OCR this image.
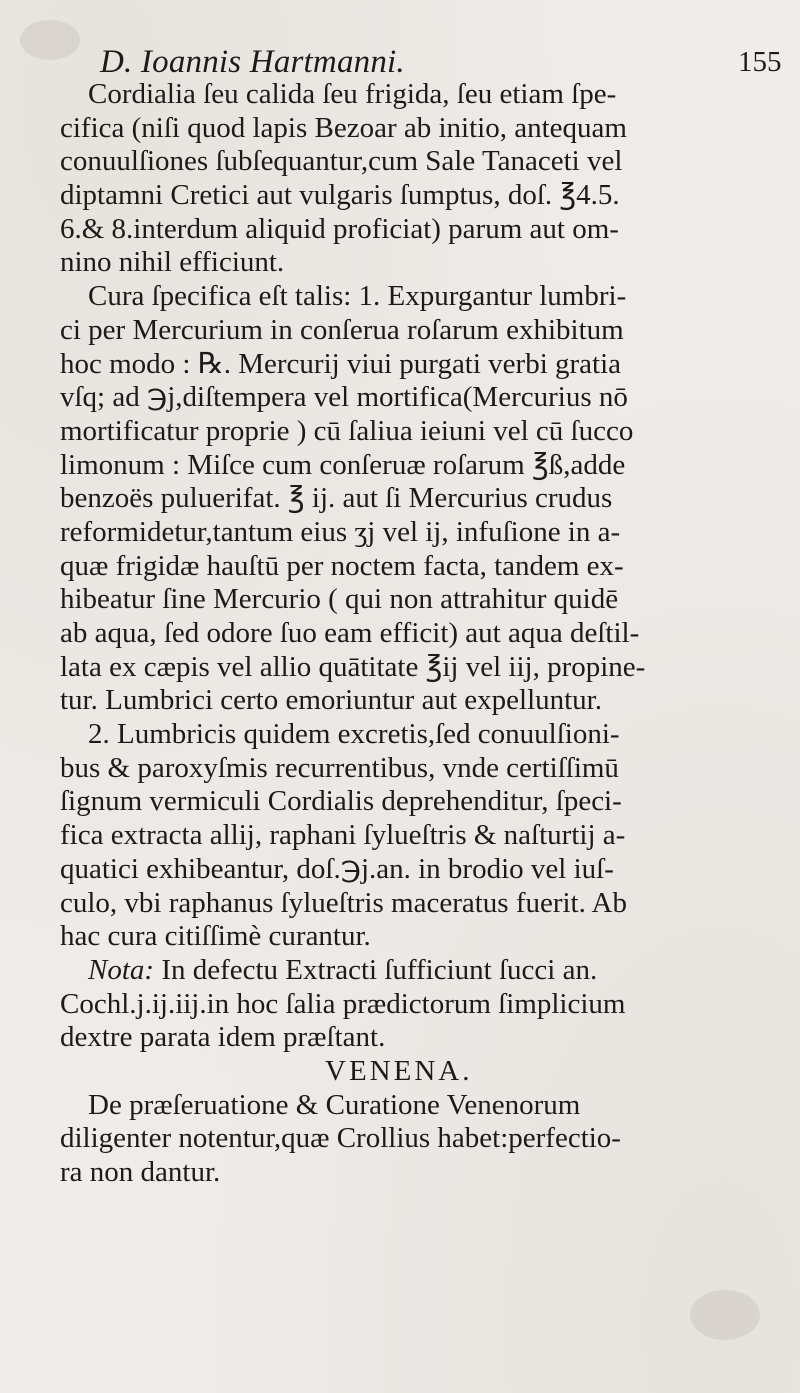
D. Ioannis Hartmanni.	155
Cordialia ſeu calida ſeu frigida, ſeu etiam ſpe-
cifica (niſi quod lapis Bezoar ab initio, antequam
conuulſiones ſubſequantur,cum Sale Tanaceti vel
diptamni Cretici aut vulgaris ſumptus, doſ. ℥4.5.
6.& 8.interdum aliquid proficiat) parum aut om-
nino nihil efficiunt.
Cura ſpecifica eſt talis: 1. Expurgantur lumbri-
ci per Mercurium in conſerua roſarum exhibitum
hoc modo : ℞. Mercurij viui purgati verbi gratia
vſq; ad ℈j,diſtempera vel mortifica(Mercurius nō
mortificatur proprie ) cū ſaliua ieiuni vel cū ſucco
limonum : Miſce cum conſeruæ roſarum ℥ß,adde
benzoës puluerifat. ℥ ij. aut ſi Mercurius crudus
reformidetur,tantum eius ʒj vel ij, infuſione in a-
quæ frigidæ hauſtū per noctem facta, tandem ex-
hibeatur ſine Mercurio ( qui non attrahitur quidē
ab aqua, ſed odore ſuo eam efficit) aut aqua deſtil-
lata ex cæpis vel allio quātitate ℥ij vel iij, propine-
tur. Lumbrici certo emoriuntur aut expelluntur.
2. Lumbricis quidem excretis,ſed conuulſioni-
bus & paroxyſmis recurrentibus, vnde certiſſimū
ſignum vermiculi Cordialis deprehenditur, ſpeci-
fica extracta allij, raphani ſylueſtris & naſturtij a-
quatici exhibeantur, doſ.℈j.an. in brodio vel iuſ-
culo, vbi raphanus ſylueſtris maceratus fuerit. Ab
hac cura citiſſimè curantur.
Nota: In defectu Extracti ſufficiunt ſucci an.
Cochl.j.ij.iij.in hoc ſalia prædictorum ſimplicium
dextre parata idem præſtant.
VENENA.
De præſeruatione & Curatione Venenorum
diligenter notentur,quæ Crollius habet:perfectio-
ra non dantur.
